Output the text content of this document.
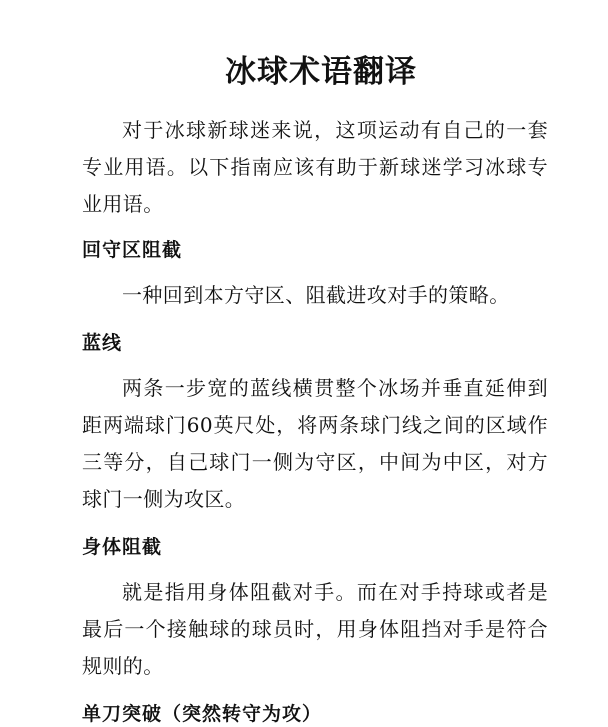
冰球术语翻译

对于冰球新球迷来说，这项运动有自己的一套专业用语。以下指南应该有助于新球迷学习冰球专业用语。

回守区阻截

一种回到本方守区、阻截进攻对手的策略。

蓝线

两条一步宽的蓝线横贯整个冰场并垂直延伸到距两端球门60英尺处，将两条球门线之间的区域作三等分，自己球门一侧为守区，中间为中区，对方球门一侧为攻区。

身体阻截

就是指用身体阻截对手。而在对手持球或者是最后一个接触球的球员时，用身体阻挡对手是符合规则的。

单刀突破（突然转守为攻）
